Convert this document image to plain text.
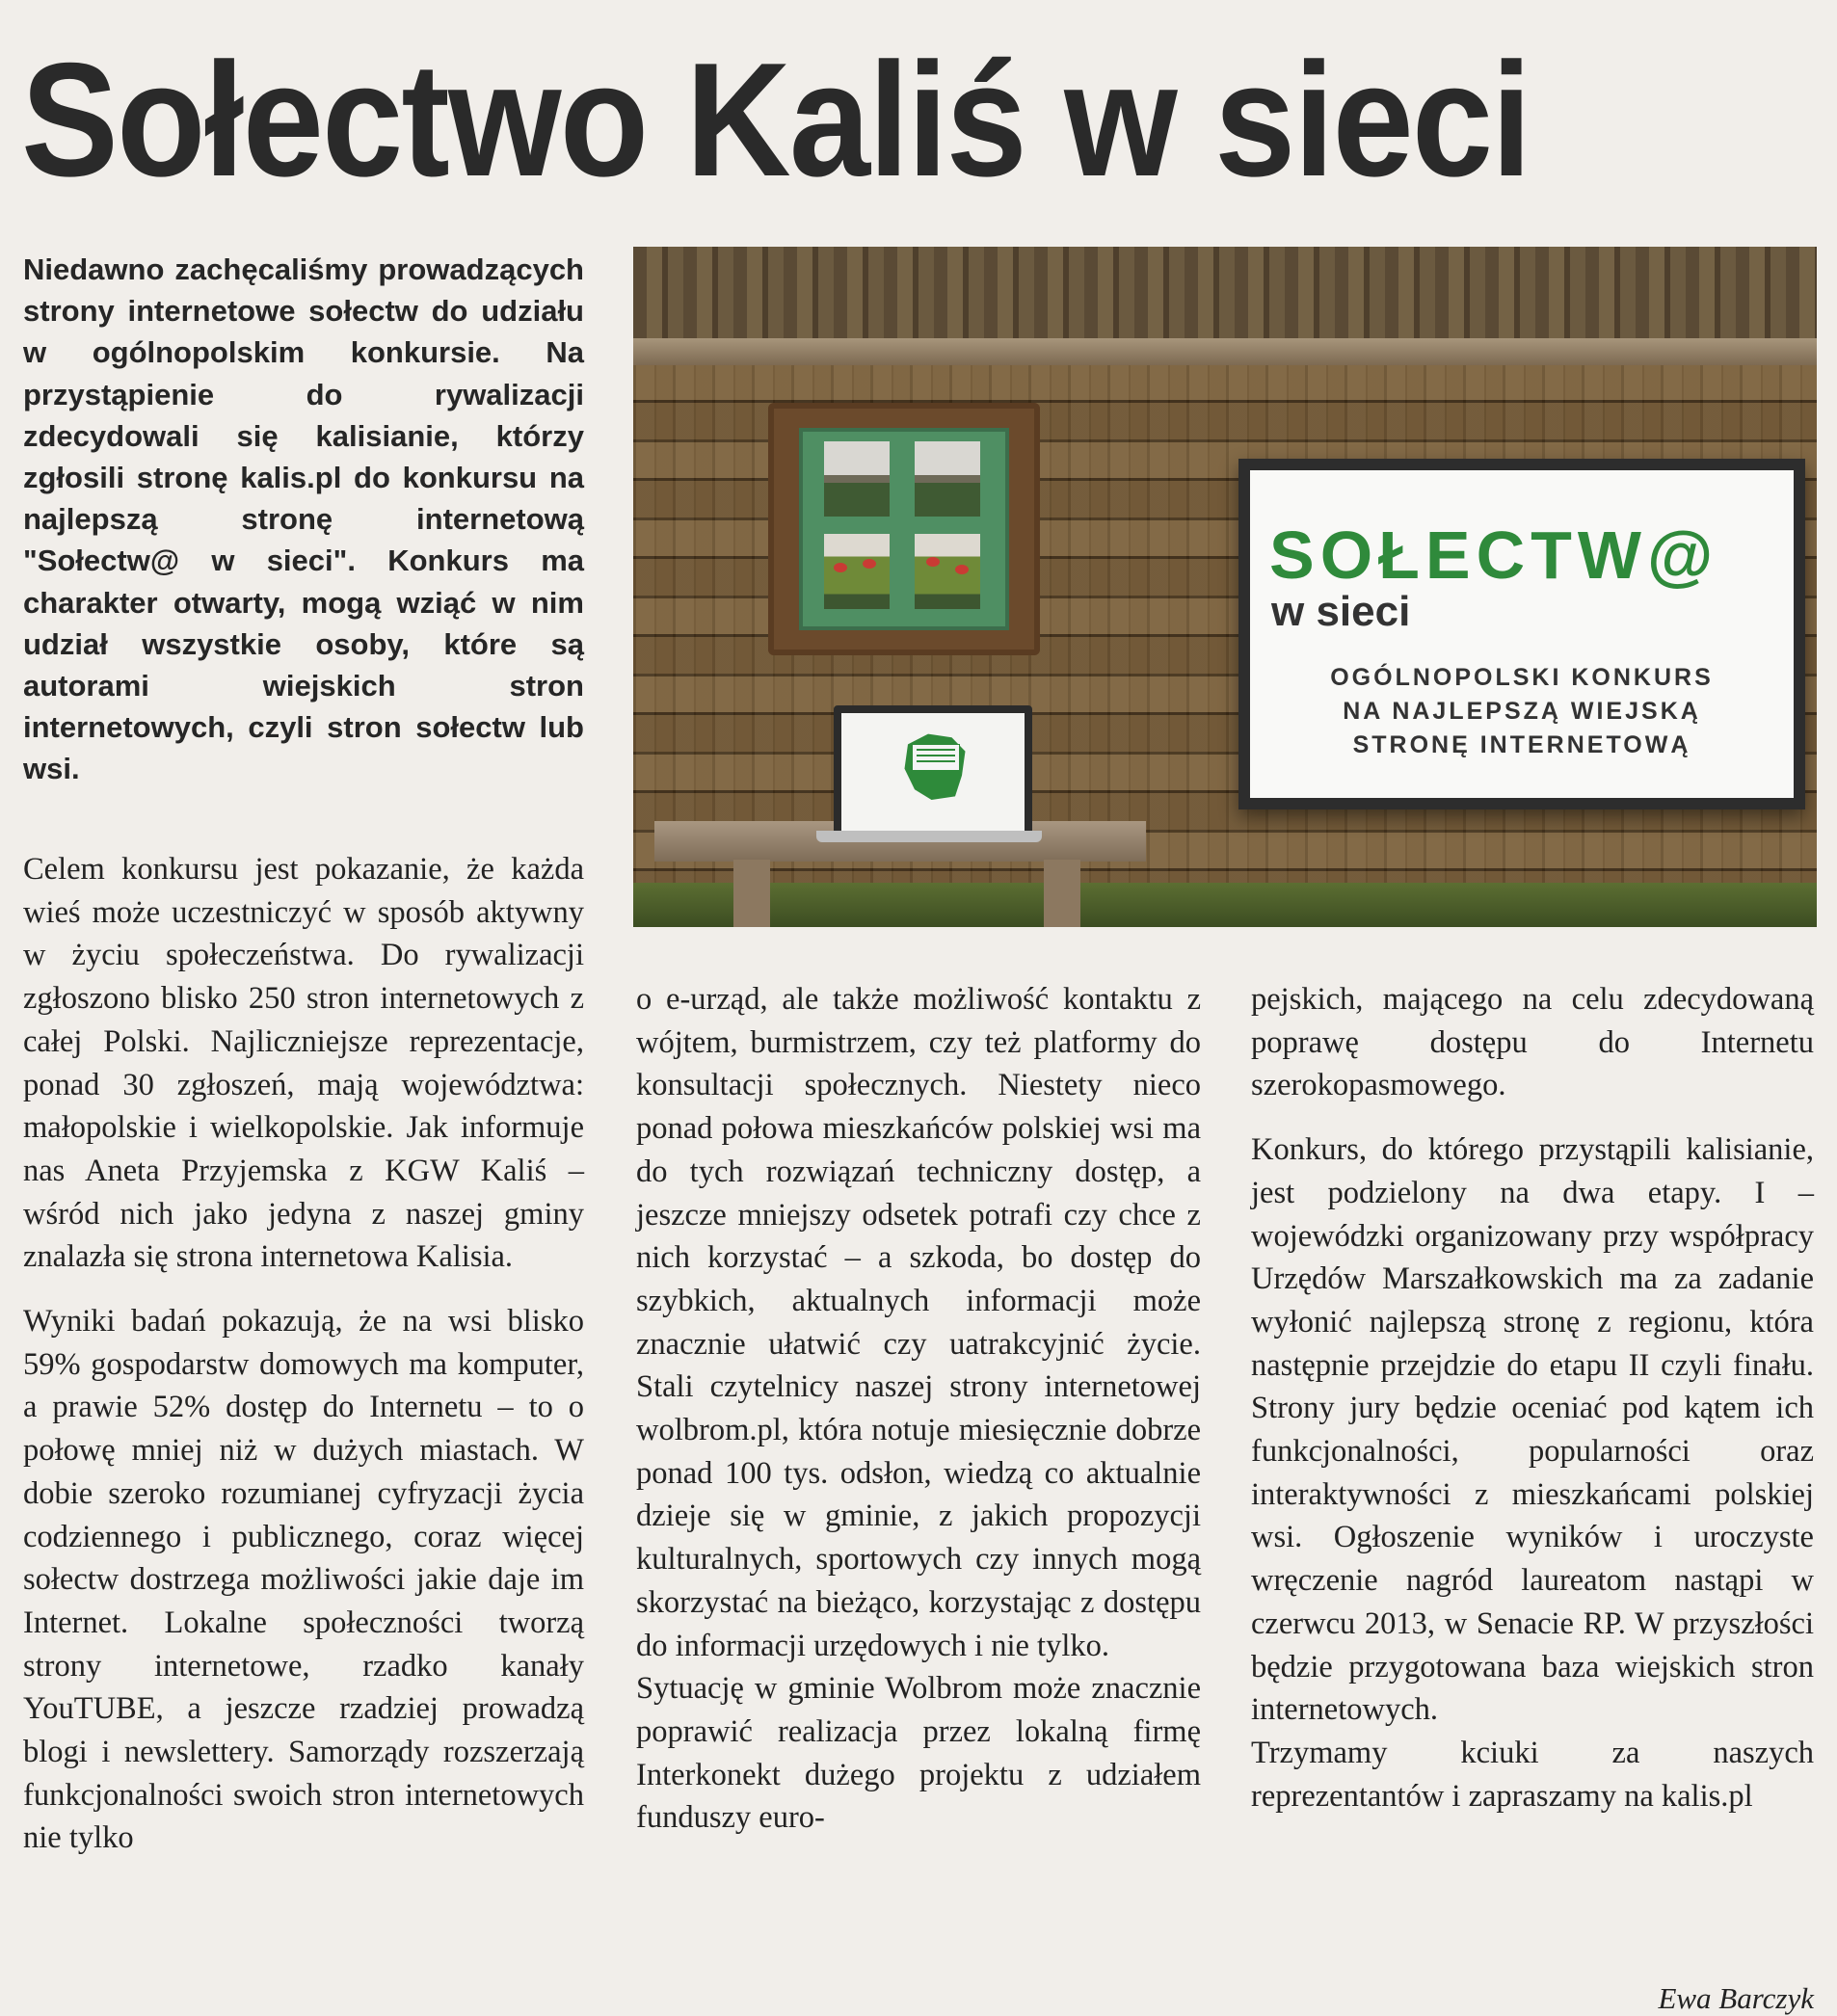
Sołectwo Kaliś w sieci

Niedawno zachęcaliśmy prowadzących strony internetowe sołectw do udziału w ogólnopolskim konkursie. Na przystąpienie do rywalizacji zdecydowali się kalisianie, którzy zgłosili stronę kalis.pl do konkursu na najlepszą stronę internetową "Sołectw@ w sieci". Konkurs ma charakter otwarty, mogą wziąć w nim udział wszystkie osoby, które są autorami wiejskich stron internetowych, czyli stron sołectw lub wsi.

SOŁECTW@
w sieci
OGÓLNOPOLSKI KONKURS
NA NAJLEPSZĄ WIEJSKĄ
STRONĘ INTERNETOWĄ

Celem konkursu jest pokazanie, że każda wieś może uczestniczyć w sposób aktywny w życiu społeczeństwa. Do rywalizacji zgłoszono blisko 250 stron internetowych z całej Polski. Najliczniejsze reprezentacje, ponad 30 zgłoszeń, mają województwa: małopolskie i wielkopolskie. Jak informuje nas Aneta Przyjemska z KGW Kaliś – wśród nich jako jedyna z naszej gminy znalazła się strona internetowa Kalisia.

Wyniki badań pokazują, że na wsi blisko 59% gospodarstw domowych ma komputer, a prawie 52% dostęp do Internetu – to o połowę mniej niż w dużych miastach. W dobie szeroko rozumianej cyfryzacji życia codziennego i publicznego, coraz więcej sołectw dostrzega możliwości jakie daje im Internet. Lokalne społeczności tworzą strony internetowe, rzadko kanały YouTUBE, a jeszcze rzadziej prowadzą blogi i newslettery. Samorządy rozszerzają funkcjonalności swoich stron internetowych nie tylko

o e-urząd, ale także możliwość kontaktu z wójtem, burmistrzem, czy też platformy do konsultacji społecznych. Niestety nieco ponad połowa mieszkańców polskiej wsi ma do tych rozwiązań techniczny dostęp, a jeszcze mniejszy odsetek potrafi czy chce z nich korzystać – a szkoda, bo dostęp do szybkich, aktualnych informacji może znacznie ułatwić czy uatrakcyjnić życie. Stali czytelnicy naszej strony internetowej wolbrom.pl, która notuje miesięcznie dobrze ponad 100 tys. odsłon, wiedzą co aktualnie dzieje się w gminie, z jakich propozycji kulturalnych, sportowych czy innych mogą skorzystać na bieżąco, korzystając z dostępu do informacji urzędowych i nie tylko.

Sytuację w gminie Wolbrom może znacznie poprawić realizacja przez lokalną firmę Interkonekt dużego projektu z udziałem funduszy euro-

pejskich, mającego na celu zdecydowaną poprawę dostępu do Internetu szerokopasmowego.

Konkurs, do którego przystąpili kalisianie, jest podzielony na dwa etapy. I – wojewódzki organizowany przy współpracy Urzędów Marszałkowskich ma za zadanie wyłonić najlepszą stronę z regionu, która następnie przejdzie do etapu II czyli finału. Strony jury będzie oceniać pod kątem ich funkcjonalności, popularności oraz interaktywności z mieszkańcami polskiej wsi. Ogłoszenie wyników i uroczyste wręczenie nagród laureatom nastąpi w czerwcu 2013, w Senacie RP. W przyszłości będzie przygotowana baza wiejskich stron internetowych.

Trzymamy kciuki za naszych reprezentantów i zapraszamy na kalis.pl

Ewa Barczyk
